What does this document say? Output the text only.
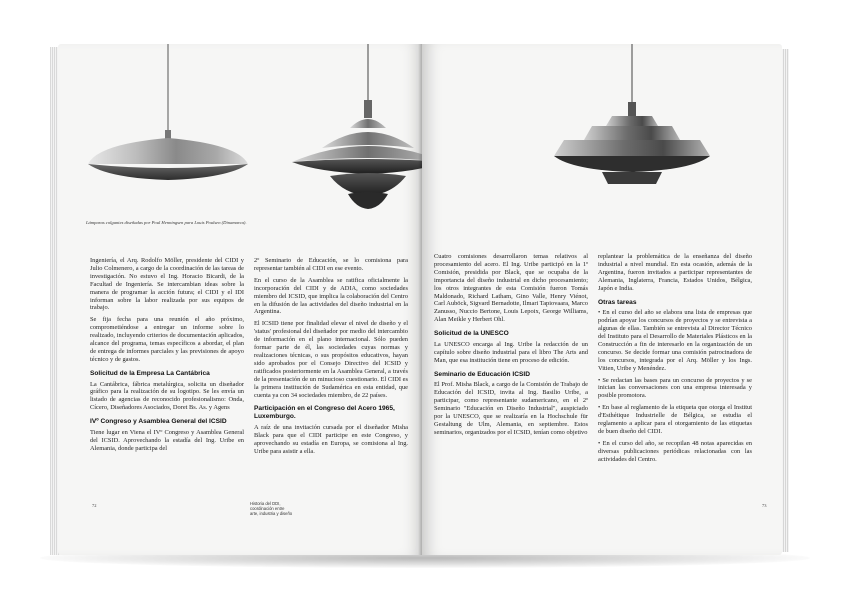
Lámparas colgantes diseñadas por Poul Henningsen para Louis Poulsen (Dinamarca).

Ingeniería, el Arq. Rodolfo Möller, presidente del CIDI y Julio Colmenero, a cargo de la coordinación de las tareas de investigación. No estuvo el Ing. Horacio Bicardi, de la Facultad de Ingeniería. Se intercambian ideas sobre la manera de programar la acción futura; el CIDI y el IDI informan sobre la labor realizada por sus equipos de trabajo.

Se fija fecha para una reunión el año próximo, comprometiéndose a entregar un informe sobre lo realizado, incluyendo criterios de documentación aplicados, alcance del programa, temas específicos a abordar, el plan de entrega de informes parciales y las previsiones de apoyo técnico y de gastos.

Solicitud de la Empresa La Cantábrica

La Cantábrica, fábrica metalúrgica, solicita un diseñador gráfico para la realización de su logotipo. Se les envía un listado de agencias de reconocido profesionalismo: Onda, Cícero, Diseñadores Asociados, Doret Bs. As. y Agens

IVº Congreso y Asamblea General del ICSID

Tiene lugar en Viena el IVº Congreso y Asamblea General del ICSID. Aprovechando la estadía del Ing. Uribe en Alemania, donde participa del

2º Seminario de Educación, se lo comisiona para representar también al CIDI en ese evento.

En el curso de la Asamblea se ratifica oficialmente la incorporación del CIDI y de ADIA, como sociedades miembro del ICSID, que implica la colaboración del Centro en la difusión de las actividades del diseño industrial en la Argentina.

El ICSID tiene por finalidad elevar el nivel de diseño y el 'status' profesional del diseñador por medio del intercambio de información en el plano internacional. Sólo pueden formar parte de él, las sociedades cuyas normas y realizaciones técnicas, o sus propósitos educativos, hayan sido aprobados por el Consejo Directivo del ICSID y ratificados posteriormente en la Asamblea General, a través de la presentación de un minucioso cuestionario. El CIDI es la primera institución de Sudamérica en esta entidad, que cuenta ya con 34 sociedades miembro, de 22 países.

Participación en el Congreso del Acero 1965, Luxemburgo.

A raíz de una invitación cursada por el diseñador Misha Black para que el CIDI participe en este Congreso, y aprovechando su estadía en Europa, se comisiona al Ing. Uribe para asistir a ella.

72	Historia del DDI,
coordinación entre
arte, industria y diseño

Cuatro comisiones desarrollaron temas relativos al procesamiento del acero. El Ing. Uribe participó en la 1º Comisión, presidida por Black, que se ocupaba de la importancia del diseño industrial en dicho procesamiento; los otros integrantes de esta Comisión fueron Tomás Maldonado, Richard Latham, Gino Valle, Henry Viénot, Carl Auböck, Sigvard Bernadotte, Ilmari Tapiovaara, Marco Zanusso, Nuccio Bertone, Louis Lepoix, George Williams, Alan Meikle y Herbert Ohl.

Solicitud de la UNESCO

La UNESCO encarga al Ing. Uribe la redacción de un capítulo sobre diseño industrial para el libro The Arts and Man, que esa institución tiene en proceso de edición.

Seminario de Educación ICSID

El Prof. Misha Black, a cargo de la Comisión de Trabajo de Educación del ICSID, invita al Ing. Basilio Uribe, a participar, como representante sudamericano, en el 2º Seminario "Educación en Diseño Industrial", auspiciado por la UNESCO, que se realizaría en la Hochschule für Gestaltung de Ulm, Alemania, en septiembre. Estos seminarios, organizados por el ICSID, tenían como objetivo

replantear la problemática de la enseñanza del diseño industrial a nivel mundial. En esta ocasión, además de la Argentina, fueron invitados a participar representantes de Alemania, Inglaterra, Francia, Estados Unidos, Bélgica, Japón e India.

Otras tareas

• En el curso del año se elabora una lista de empresas que podrían apoyar los concursos de proyectos y se entrevista a algunas de ellas. También se entrevista al Director Técnico del Instituto para el Desarrollo de Materiales Plásticos en la Construcción a fin de interesarlo en la organización de un concurso. Se decide formar una comisión patrocinadora de los concursos, integrada por el Arq. Möller y los Ings. Vitien, Uribe y Menéndez.

• Se redactan las bases para un concurso de proyectos y se inician las conversaciones con una empresa interesada y posible promotora.

• En base al reglamento de la etiqueta que otorga el Institut d'Esthétique Industrielle de Bélgica, se estudia el reglamento a aplicar para el otorgamiento de las etiquetas de buen diseño del CIDI.

• En el curso del año, se recopilan 48 notas aparecidas en diversas publicaciones periódicas relacionadas con las actividades del Centro.

73
